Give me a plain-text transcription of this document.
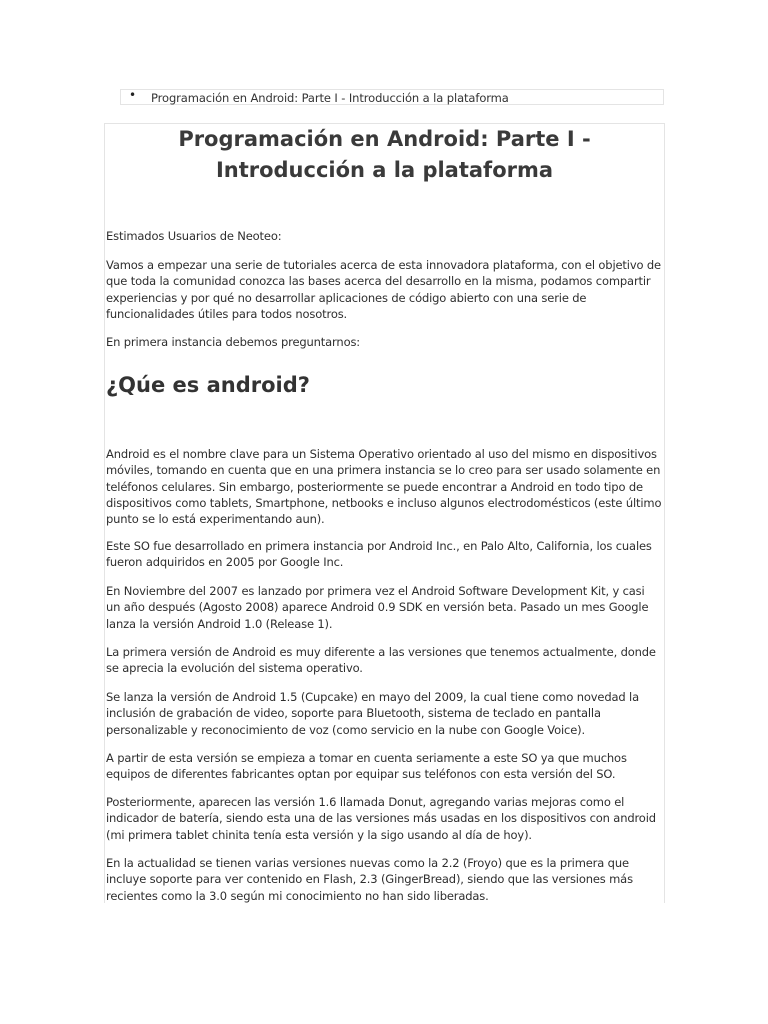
• Programación en Android: Parte I - Introducción a la plataforma
Programación en Android: Parte I - Introducción a la plataforma

Estimados Usuarios de Neoteo:

Vamos a empezar una serie de tutoriales acerca de esta innovadora plataforma, con el objetivo de que toda la comunidad conozca las bases acerca del desarrollo en la misma, podamos compartir experiencias y por qué no desarrollar aplicaciones de código abierto con una serie de funcionalidades útiles para todos nosotros.

En primera instancia debemos preguntarnos:

¿Qúe es android?

Android es el nombre clave para un Sistema Operativo orientado al uso del mismo en dispositivos móviles, tomando en cuenta que en una primera instancia se lo creo para ser usado solamente en teléfonos celulares. Sin embargo, posteriormente se puede encontrar a Android en todo tipo de dispositivos como tablets, Smartphone, netbooks e incluso algunos electrodomésticos (este último punto se lo está experimentando aun).

Este SO fue desarrollado en primera instancia por Android Inc., en Palo Alto, California, los cuales fueron adquiridos en 2005 por Google Inc.

En Noviembre del 2007 es lanzado por primera vez el Android Software Development Kit, y casi un año después (Agosto 2008) aparece Android 0.9 SDK en versión beta. Pasado un mes Google lanza la versión Android 1.0 (Release 1).

La primera versión de Android es muy diferente a las versiones que tenemos actualmente, donde se aprecia la evolución del sistema operativo.

Se lanza la versión de Android 1.5 (Cupcake) en mayo del 2009, la cual tiene como novedad la inclusión de grabación de video, soporte para Bluetooth, sistema de teclado en pantalla personalizable y reconocimiento de voz (como servicio en la nube con Google Voice).

A partir de esta versión se empieza a tomar en cuenta seriamente a este SO ya que muchos equipos de diferentes fabricantes optan por equipar sus teléfonos con esta versión del SO.

Posteriormente, aparecen las versión 1.6 llamada Donut, agregando varias mejoras como el indicador de batería, siendo esta una de las versiones más usadas en los dispositivos con android (mi primera tablet chinita tenía esta versión y la sigo usando al día de hoy).

En la actualidad se tienen varias versiones nuevas como la 2.2 (Froyo) que es la primera que incluye soporte para ver contenido en Flash, 2.3 (GingerBread), siendo que las versiones más recientes como la 3.0 según mi conocimiento no han sido liberadas.
